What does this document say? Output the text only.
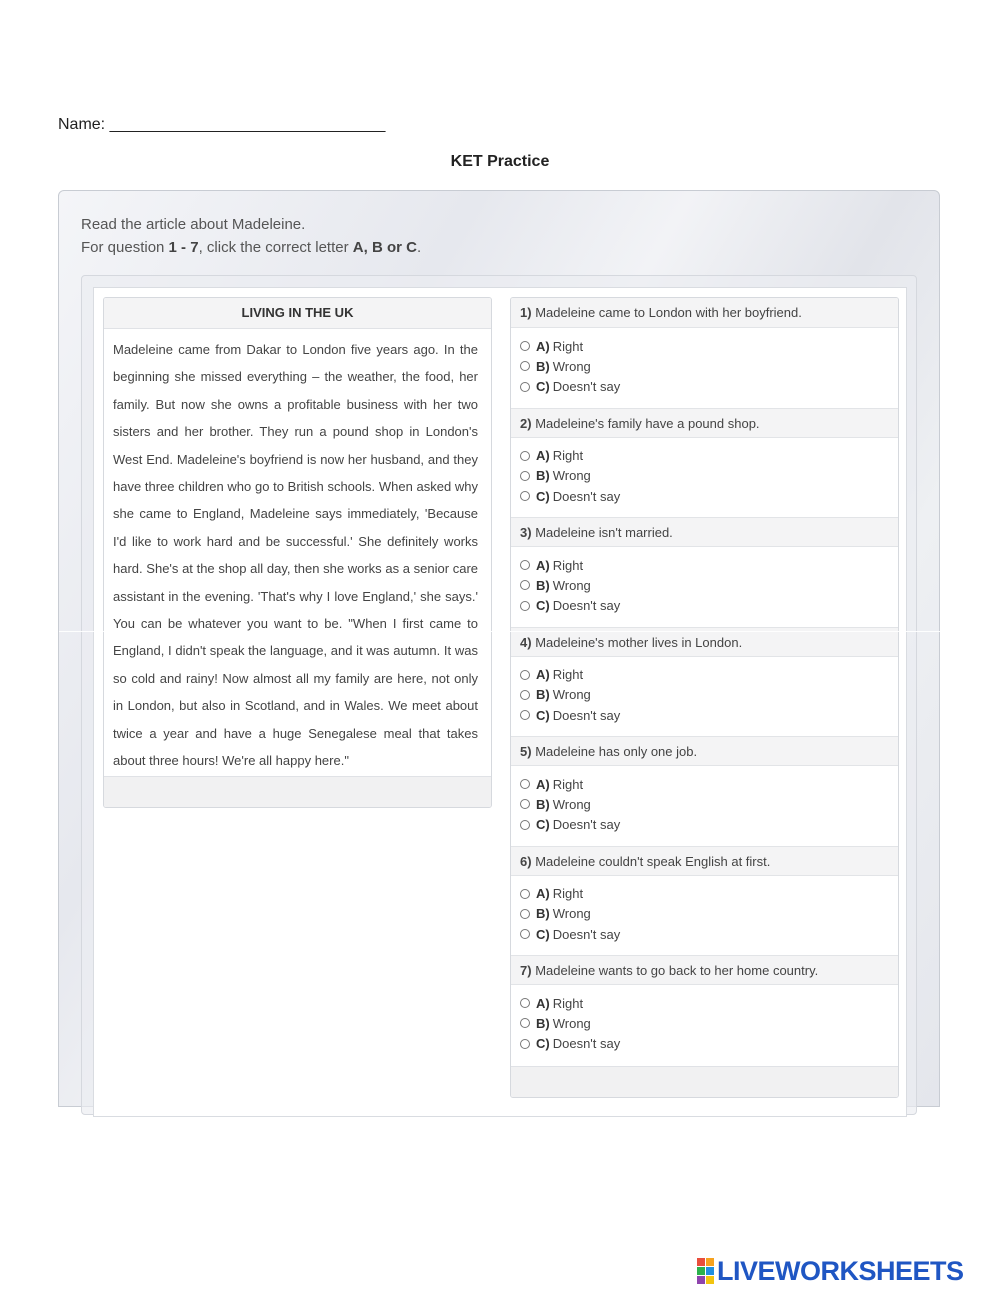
Name: _______________________________
KET Practice
Read the article about Madeleine.
For question 1 - 7, click the correct letter A, B or C.
LIVING IN THE UK
Madeleine came from Dakar to London five years ago. In the beginning she missed everything – the weather, the food, her family. But now she owns a profitable business with her two sisters and her brother. They run a pound shop in London's West End. Madeleine's boyfriend is now her husband, and they have three children who go to British schools. When asked why she came to England, Madeleine says immediately, 'Because I'd like to work hard and be successful.' She definitely works hard. She's at the shop all day, then she works as a senior care assistant in the evening. 'That's why I love England,' she says.' You can be whatever you want to be. "When I first came to England, I didn't speak the language, and it was autumn. It was so cold and rainy! Now almost all my family are here, not only in London, but also in Scotland, and in Wales. We meet about twice a year and have a huge Senegalese meal that takes about three hours! We're all happy here."
1) Madeleine came to London with her boyfriend.
A) Right
B) Wrong
C) Doesn't say
2) Madeleine's family have a pound shop.
A) Right
B) Wrong
C) Doesn't say
3) Madeleine isn't married.
A) Right
B) Wrong
C) Doesn't say
4) Madeleine's mother lives in London.
A) Right
B) Wrong
C) Doesn't say
5) Madeleine has only one job.
A) Right
B) Wrong
C) Doesn't say
6) Madeleine couldn't speak English at first.
A) Right
B) Wrong
C) Doesn't say
7) Madeleine wants to go back to her home country.
A) Right
B) Wrong
C) Doesn't say
LIVEWORKSHEETS
